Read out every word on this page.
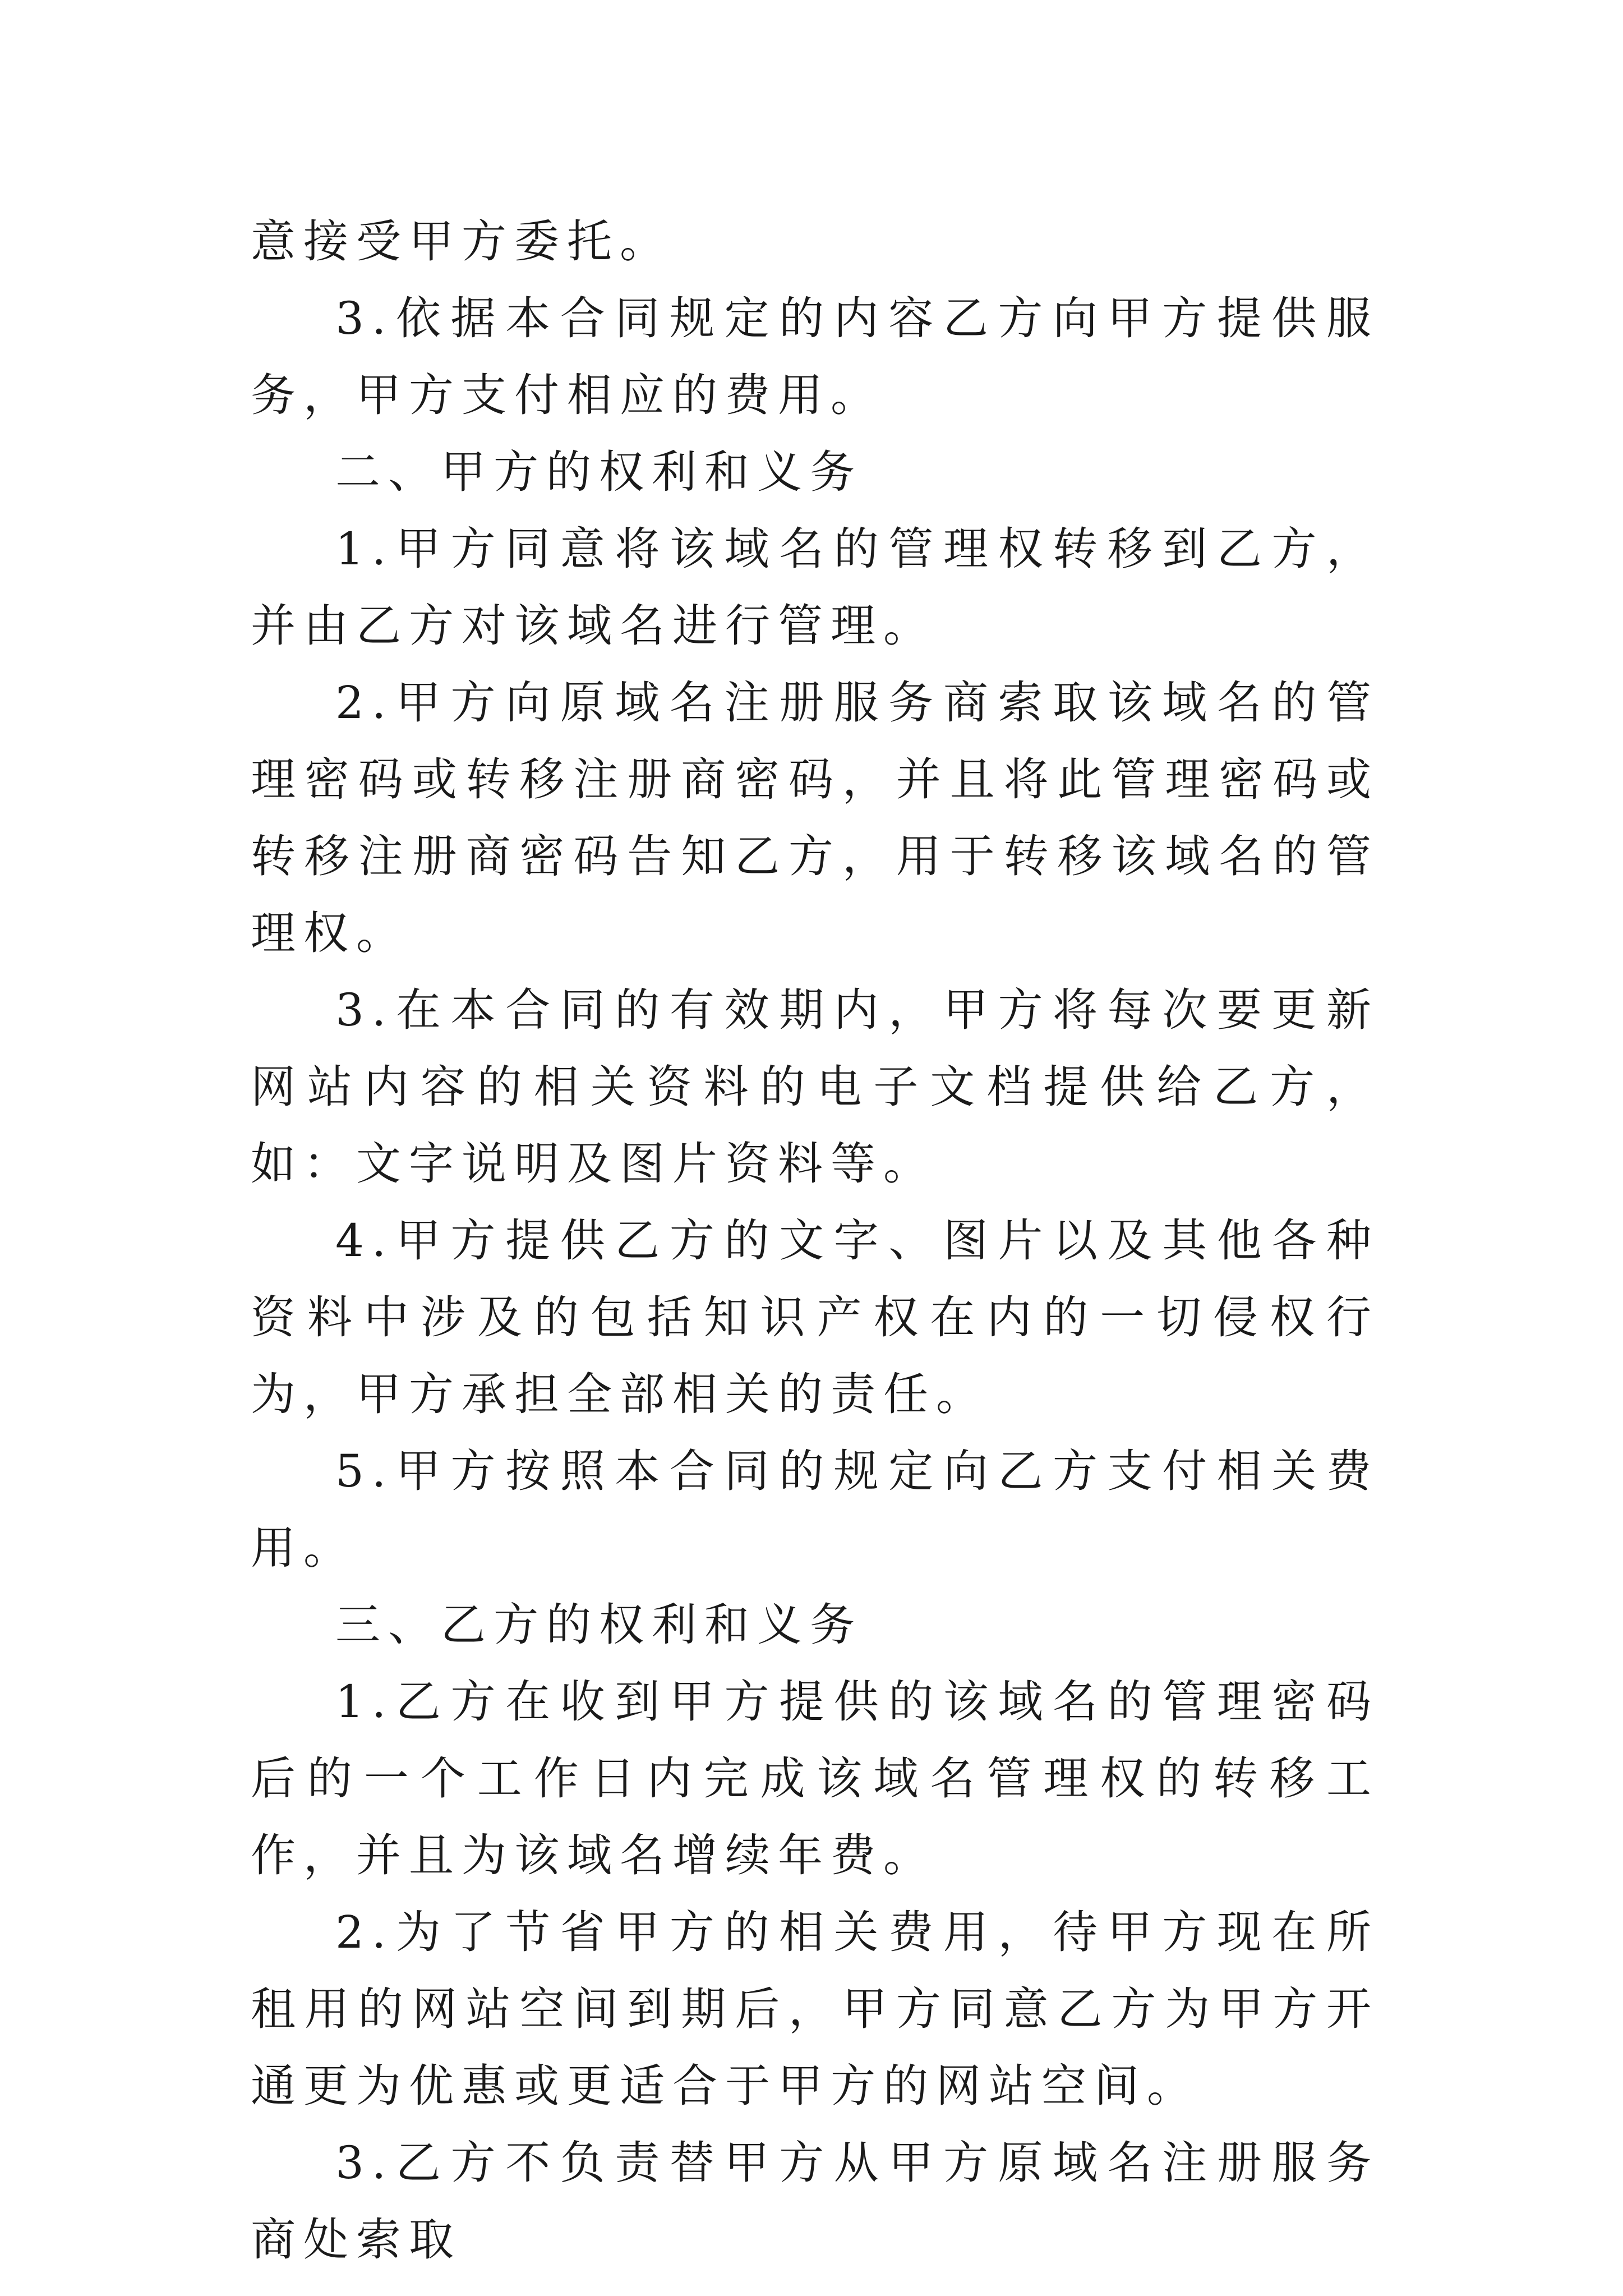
意接受甲方委托。

3.依据本合同规定的内容乙方向甲方提供服务，甲方支付相应的费用。

二、甲方的权利和义务

1.甲方同意将该域名的管理权转移到乙方，并由乙方对该域名进行管理。

2.甲方向原域名注册服务商索取该域名的管理密码或转移注册商密码，并且将此管理密码或转移注册商密码告知乙方，用于转移该域名的管理权。

3.在本合同的有效期内，甲方将每次要更新网站内容的相关资料的电子文档提供给乙方，如：文字说明及图片资料等。

4.甲方提供乙方的文字、图片以及其他各种资料中涉及的包括知识产权在内的一切侵权行为，甲方承担全部相关的责任。

5.甲方按照本合同的规定向乙方支付相关费用。

三、乙方的权利和义务

1.乙方在收到甲方提供的该域名的管理密码后的一个工作日内完成该域名管理权的转移工作，并且为该域名增续年费。

2.为了节省甲方的相关费用，待甲方现在所租用的网站空间到期后，甲方同意乙方为甲方开通更为优惠或更适合于甲方的网站空间。

3.乙方不负责替甲方从甲方原域名注册服务商处索取
